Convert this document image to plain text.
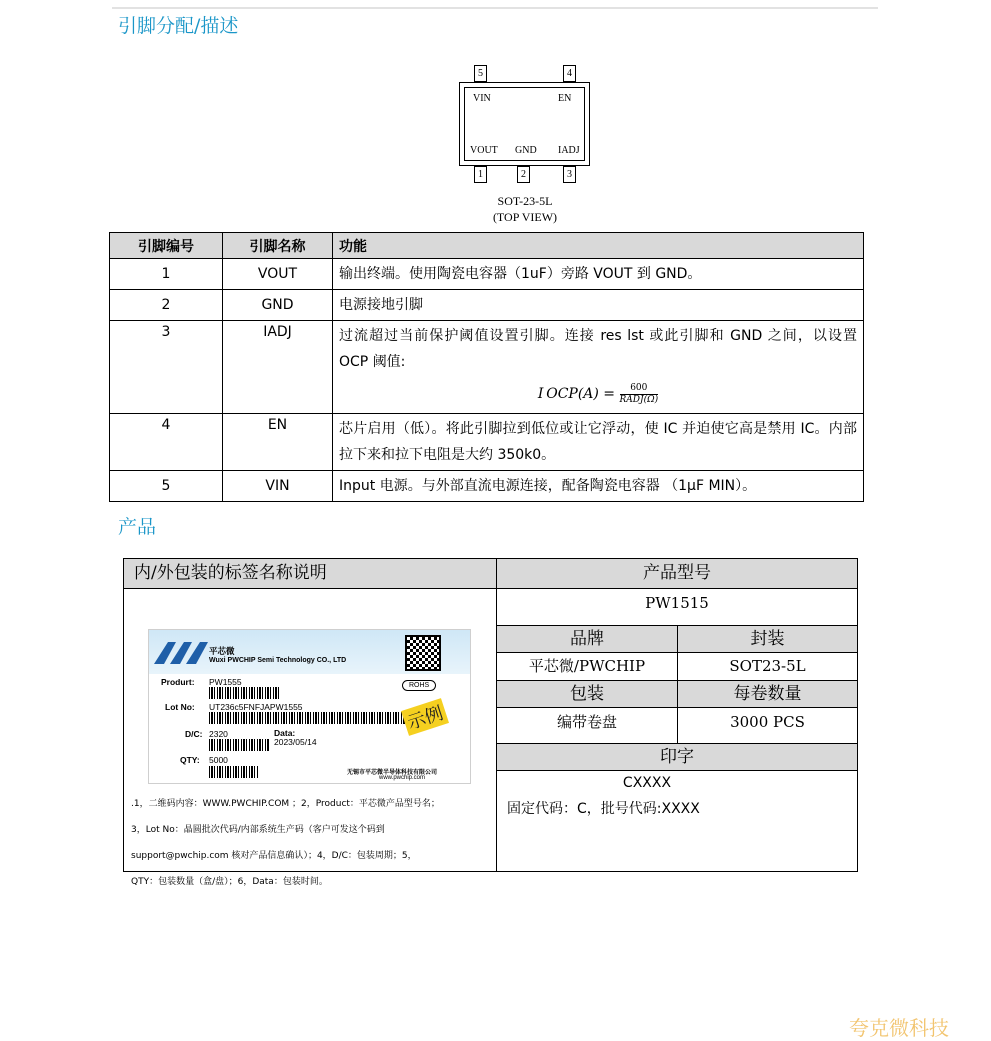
引脚分配/描述
5	4
VIN	EN
VOUT GND IADJ
1	2	3
SOT-23-5L
(TOP VIEW)
引脚编号	引脚名称	功能
1	VOUT	输出终端。使用陶瓷电容器（1uF）旁路 VOUT 到 GND。
2	GND	电源接地引脚
3	IADJ	过流超过当前保护阈值设置引脚。连接 res lst 或此引脚和 GND 之间，以设置 OCP 阈值:
I $OCP(A) = \frac{600}{\text{RADJ(Ω)}}$

4	EN	芯片启用（低）。将此引脚拉到低位或让它浮动，使 IC 并迫使它高是禁用 IC。内部拉下来和拉下电阻是大约 350k0。
5	VIN	Input 电源。与外部直流电源连接，配备陶瓷电容器 （1µF MIN）。
产品
内/外包装的标签名称说明
平芯微
Wuxi PWCHIP Semi Technology CO., LTD
Produrt: PW1555	ROHS
Lot No: UT236c5FNFJAPW1555	示例
D/C: 2320	Data:
2023/05/14
QTY: 5000
无锡市平芯微半导体科技有限公司
www.pwchip.com
.1，二维码内容：WWW.PWCHIP.COM ；2，Product：平芯微产品型号名；
3，Lot No：晶圆批次代码/内部系统生产码（客户可发这个码到
support@pwchip.com 核对产品信息确认）；4，D/C：包装周期；5，
QTY：包装数量（盒/盘）；6，Data：包装时间。
产品型号
PW1515
品牌	封装
平芯微/PWCHIP	SOT23-5L
包装	每卷数量
编带卷盘	3000 PCS
印字
CXXXX
固定代码：C，批号代码:XXXX
夸克微科技
